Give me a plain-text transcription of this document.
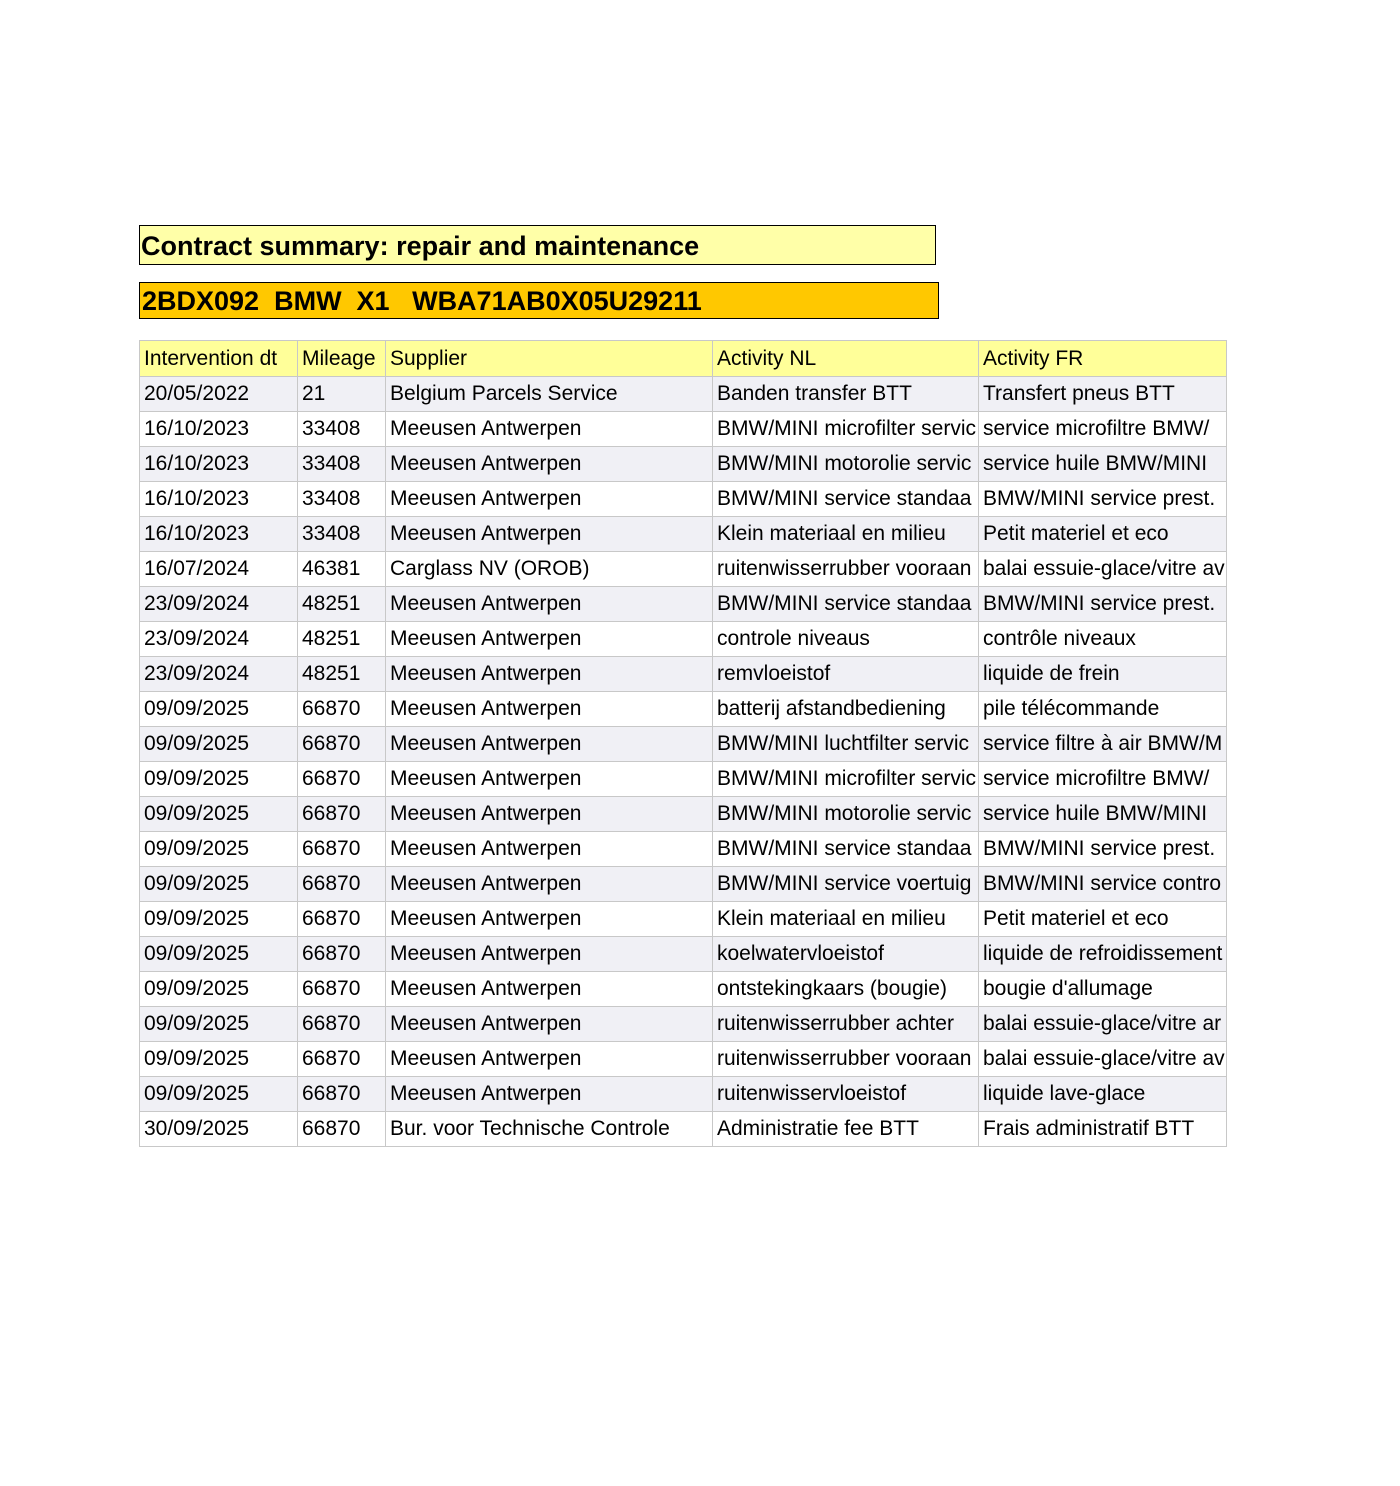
Contract summary: repair and maintenance
2BDX092  BMW  X1   WBA71AB0X05U29211
Intervention dt	Mileage	Supplier	Activity NL	Activity FR
20/05/2022	21	Belgium Parcels Service	Banden transfer BTT	Transfert pneus BTT
16/10/2023	33408	Meeusen Antwerpen	BMW/MINI microfilter servic	service microfiltre BMW/
16/10/2023	33408	Meeusen Antwerpen	BMW/MINI motorolie servic	service huile BMW/MINI
16/10/2023	33408	Meeusen Antwerpen	BMW/MINI service standaa	BMW/MINI service prest.
16/10/2023	33408	Meeusen Antwerpen	Klein materiaal en milieu	Petit materiel et eco
16/07/2024	46381	Carglass NV (OROB)	ruitenwisserrubber vooraan	balai essuie-glace/vitre av
23/09/2024	48251	Meeusen Antwerpen	BMW/MINI service standaa	BMW/MINI service prest.
23/09/2024	48251	Meeusen Antwerpen	controle niveaus	contrôle niveaux
23/09/2024	48251	Meeusen Antwerpen	remvloeistof	liquide de frein
09/09/2025	66870	Meeusen Antwerpen	batterij afstandbediening	pile télécommande
09/09/2025	66870	Meeusen Antwerpen	BMW/MINI luchtfilter servic	service filtre à air BMW/M
09/09/2025	66870	Meeusen Antwerpen	BMW/MINI microfilter servic	service microfiltre BMW/
09/09/2025	66870	Meeusen Antwerpen	BMW/MINI motorolie servic	service huile BMW/MINI
09/09/2025	66870	Meeusen Antwerpen	BMW/MINI service standaa	BMW/MINI service prest.
09/09/2025	66870	Meeusen Antwerpen	BMW/MINI service voertuig	BMW/MINI service contro
09/09/2025	66870	Meeusen Antwerpen	Klein materiaal en milieu	Petit materiel et eco
09/09/2025	66870	Meeusen Antwerpen	koelwatervloeistof	liquide de refroidissement
09/09/2025	66870	Meeusen Antwerpen	ontstekingkaars (bougie)	bougie d'allumage
09/09/2025	66870	Meeusen Antwerpen	ruitenwisserrubber achter	balai essuie-glace/vitre ar
09/09/2025	66870	Meeusen Antwerpen	ruitenwisserrubber vooraan	balai essuie-glace/vitre av
09/09/2025	66870	Meeusen Antwerpen	ruitenwisservloeistof	liquide lave-glace
30/09/2025	66870	Bur. voor Technische Controle	Administratie fee BTT	Frais administratif BTT
